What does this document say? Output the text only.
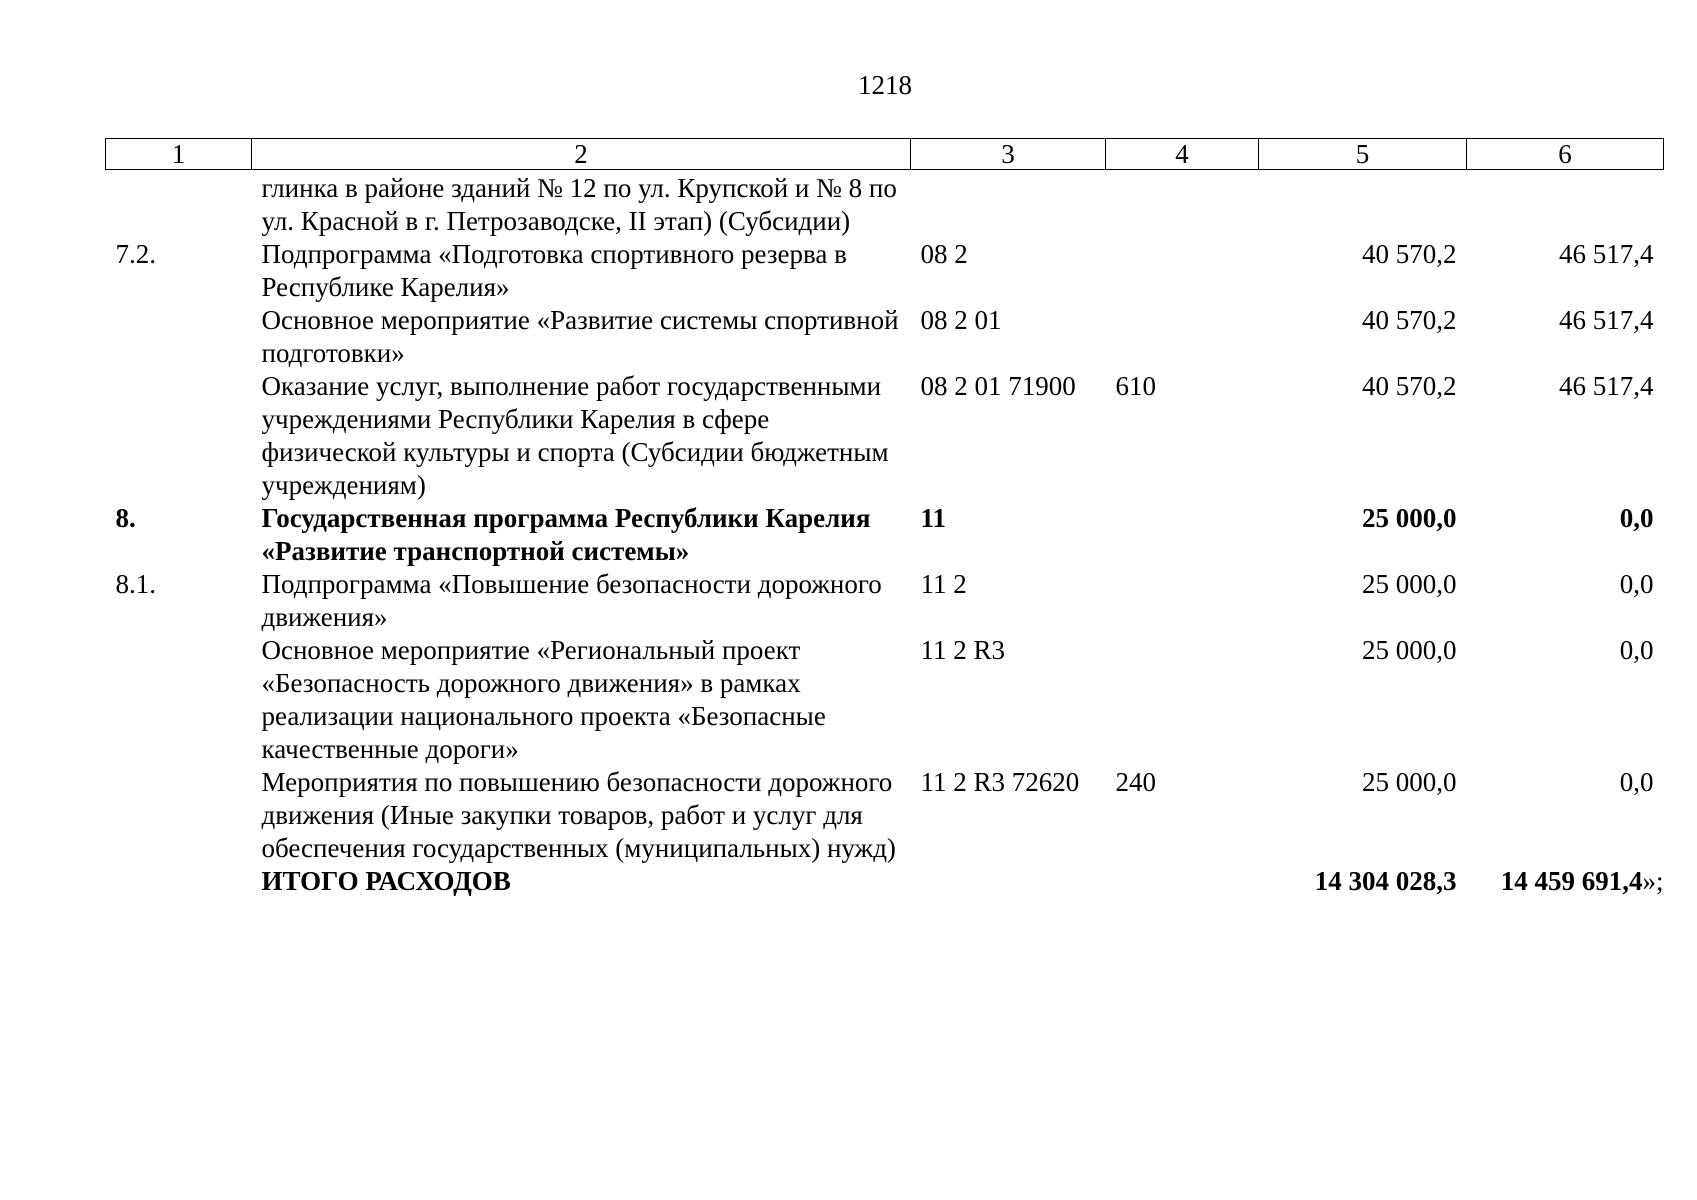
1218
1	2	3	4	5	6
	глинка в районе зданий № 12 по ул. Крупской и № 8 по ул. Красной в г. Петрозаводске, II этап) (Субсидии)				
7.2.	Подпрограмма «Подготовка спортивного резерва в Республике Карелия»	08 2		40 570,2	46 517,4
	Основное мероприятие «Развитие системы спортивной подготовки»	08 2 01		40 570,2	46 517,4
	Оказание услуг, выполнение работ государственными учреждениями Республики Карелия в сфере физической культуры и спорта (Субсидии бюджетным учреждениям)	08 2 01 71900	610	40 570,2	46 517,4
8.	Государственная программа Республики Карелия «Развитие транспортной системы»	11		25 000,0	0,0
8.1.	Подпрограмма «Повышение безопасности дорожного движения»	11 2		25 000,0	0,0
	Основное мероприятие «Региональный проект «Безопасность дорожного движения» в рамках реализации национального проекта «Безопасные качественные дороги»	11 2 R3		25 000,0	0,0
	Мероприятия по повышению безопасности дорожного движения (Иные закупки товаров, работ и услуг для обеспечения государственных (муниципальных) нужд)	11 2 R3 72620	240	25 000,0	0,0
	ИТОГО РАСХОДОВ			14 304 028,3	14 459 691,4»;
